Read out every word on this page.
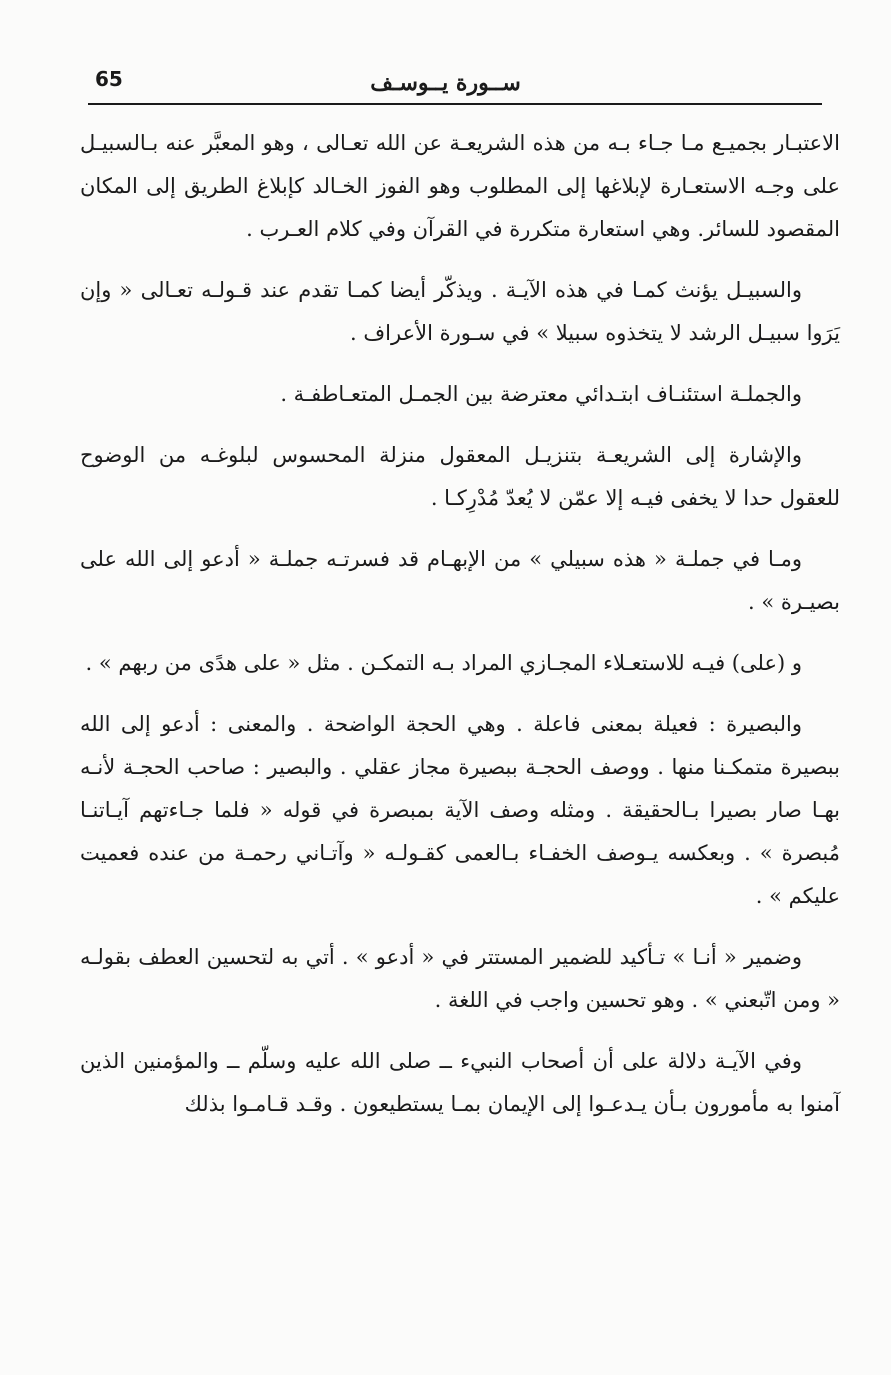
65	ســورة يــوسـف

الاعتبـار بجميـع مـا جـاء بـه من هذه الشريعـة عن الله تعـالى ، وهو المعبَّر عنه بـالسبيـل على وجـه الاستعـارة لإبلاغها إلى المطلوب وهو الفوز الخـالد كإبلاغ الطريق إلى المكان المقصود للسائر. وهي استعارة متكررة في القرآن وفي كلام العـرب .

والسبيـل يؤنث كمـا في هذه الآيـة . ويذكّر أيضا كمـا تقدم عند قـولـه تعـالى « وإن يَرَوا سبيـل الرشد لا يتخذوه سبيلا » في سـورة الأعراف .

والجملـة استئنـاف ابتـدائي معترضة بين الجمـل المتعـاطفـة .

والإشارة إلى الشريعـة بتنزيـل المعقول منزلة المحسوس لبلوغـه من الوضوح للعقول حدا لا يخفى فيـه إلا عمّن لا يُعدّ مُدْرِكـا .

ومـا في جملـة « هذه سبيلي » من الإبهـام قد فسرتـه جملـة « أدعو إلى الله على بصيـرة » .

و (على) فيـه للاستعـلاء المجـازي المراد بـه التمكـن . مثل « على هدًى من ربهم » .

والبصيرة : فعيلة بمعنى فاعلة . وهي الحجة الواضحة . والمعنى : أدعو إلى الله ببصيرة متمكـنا منها . ووصف الحجـة ببصيرة مجاز عقلي . والبصير : صاحب الحجـة لأنـه بهـا صار بصيرا بـالحقيقة . ومثله وصف الآية بمبصرة في قوله « فلما جـاءتهم آيـاتنـا مُبصرة » . وبعكسه يـوصف الخفـاء بـالعمى كقـولـه « وآتـاني رحمـة من عنده فعميت عليكم » .

وضمير « أنـا » تـأكيد للضمير المستتر في « أدعو » . أتي به لتحسين العطف بقولـه « ومن اتّبعني » . وهو تحسين واجب في اللغة .

وفي الآيـة دلالة على أن أصحاب النبيء ــ صلى الله عليه وسلّم ــ والمؤمنين الذين آمنوا به مأمورون بـأن يـدعـوا إلى الإيمان بمـا يستطيعون . وقـد قـامـوا بذلك
